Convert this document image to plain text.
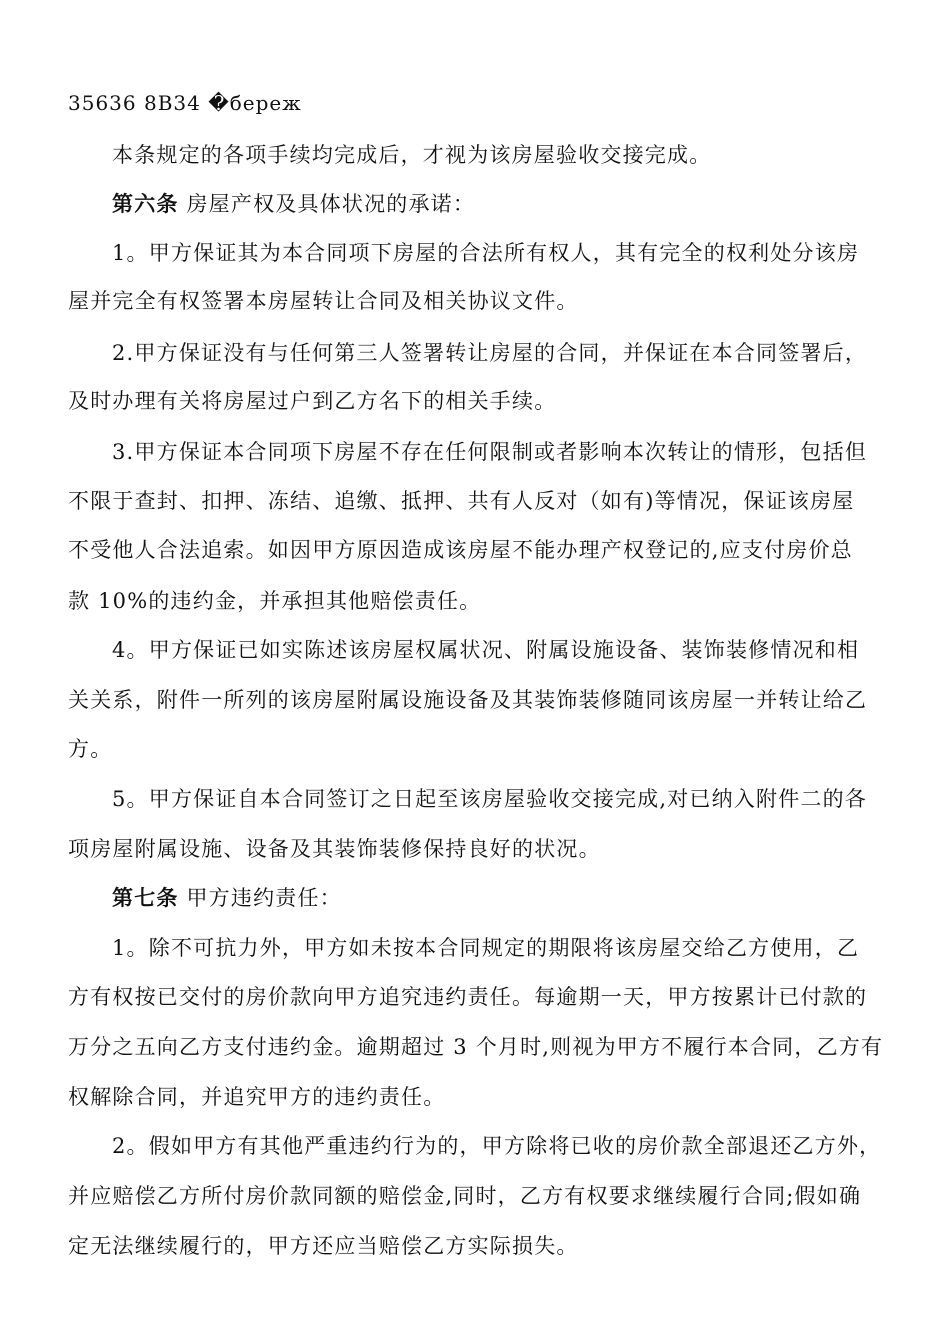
35636 8B34 �береж
本条规定的各项手续均完成后，才视为该房屋验收交接完成。
第六条 房屋产权及具体状况的承诺：
1。甲方保证其为本合同项下房屋的合法所有权人，其有完全的权利处分该房
屋并完全有权签署本房屋转让合同及相关协议文件。
2.甲方保证没有与任何第三人签署转让房屋的合同，并保证在本合同签署后，
及时办理有关将房屋过户到乙方名下的相关手续。
3.甲方保证本合同项下房屋不存在任何限制或者影响本次转让的情形，包括但
不限于查封、扣押、冻结、追缴、抵押、共有人反对（如有)等情况，保证该房屋
不受他人合法追索。如因甲方原因造成该房屋不能办理产权登记的,应支付房价总
款 10%的违约金，并承担其他赔偿责任。
4。甲方保证已如实陈述该房屋权属状况、附属设施设备、装饰装修情况和相
关关系，附件一所列的该房屋附属设施设备及其装饰装修随同该房屋一并转让给乙
方。
5。甲方保证自本合同签订之日起至该房屋验收交接完成,对已纳入附件二的各
项房屋附属设施、设备及其装饰装修保持良好的状况。
第七条 甲方违约责任：
1。除不可抗力外，甲方如未按本合同规定的期限将该房屋交给乙方使用，乙
方有权按已交付的房价款向甲方追究违约责任。每逾期一天，甲方按累计已付款的
万分之五向乙方支付违约金。逾期超过 3 个月时,则视为甲方不履行本合同，乙方有
权解除合同，并追究甲方的违约责任。
2。假如甲方有其他严重违约行为的，甲方除将已收的房价款全部退还乙方外，
并应赔偿乙方所付房价款同额的赔偿金,同时，乙方有权要求继续履行合同;假如确
定无法继续履行的，甲方还应当赔偿乙方实际损失。
